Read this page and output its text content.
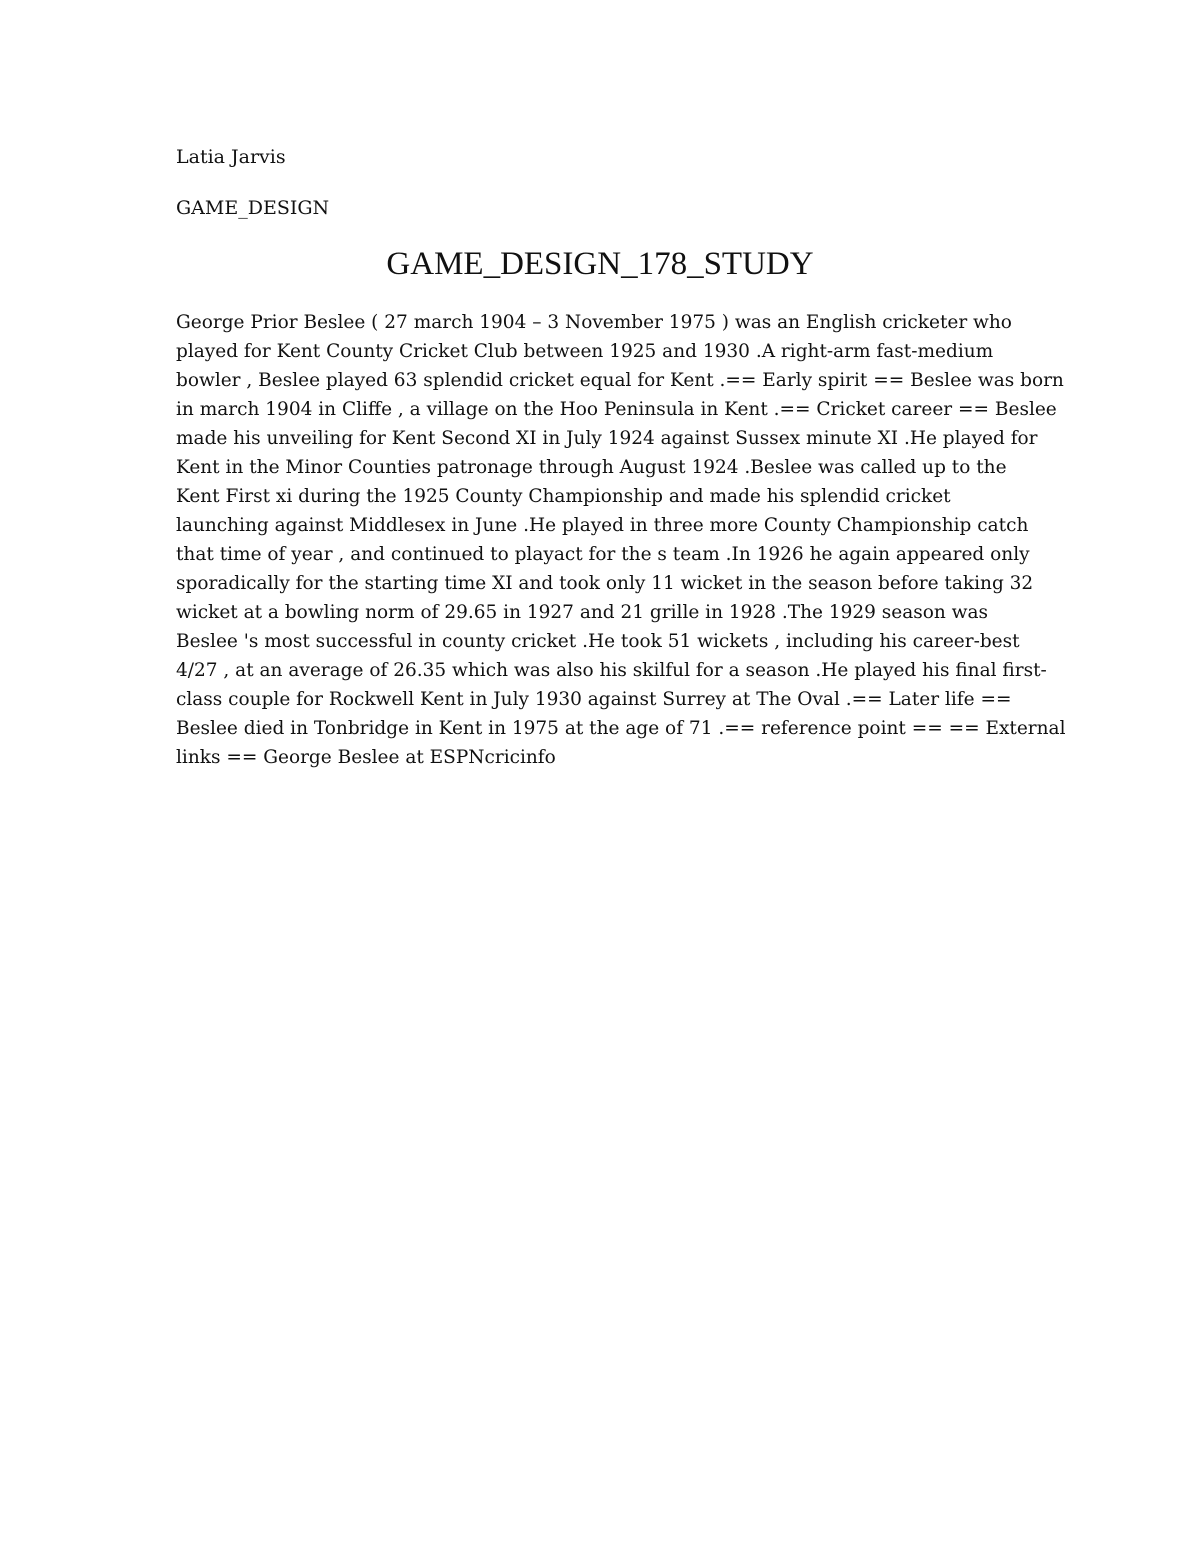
Latia Jarvis
GAME_DESIGN
GAME_DESIGN_178_STUDY
George Prior Beslee ( 27 march 1904 – 3 November 1975 ) was an English cricketer who
played for Kent County Cricket Club between 1925 and 1930 .A right-arm fast-medium
bowler , Beslee played 63 splendid cricket equal for Kent .== Early spirit == Beslee was born
in march 1904 in Cliffe , a village on the Hoo Peninsula in Kent .== Cricket career == Beslee
made his unveiling for Kent Second XI in July 1924 against Sussex minute XI .He played for
Kent in the Minor Counties patronage through August 1924 .Beslee was called up to the
Kent First xi during the 1925 County Championship and made his splendid cricket
launching against Middlesex in June .He played in three more County Championship catch
that time of year , and continued to playact for the s team .In 1926 he again appeared only
sporadically for the starting time XI and took only 11 wicket in the season before taking 32
wicket at a bowling norm of 29.65 in 1927 and 21 grille in 1928 .The 1929 season was
Beslee 's most successful in county cricket .He took 51 wickets , including his career-best
4/27 , at an average of 26.35 which was also his skilful for a season .He played his final first-
class couple for Rockwell Kent in July 1930 against Surrey at The Oval .== Later life ==
Beslee died in Tonbridge in Kent in 1975 at the age of 71 .== reference point == == External
links == George Beslee at ESPNcricinfo
